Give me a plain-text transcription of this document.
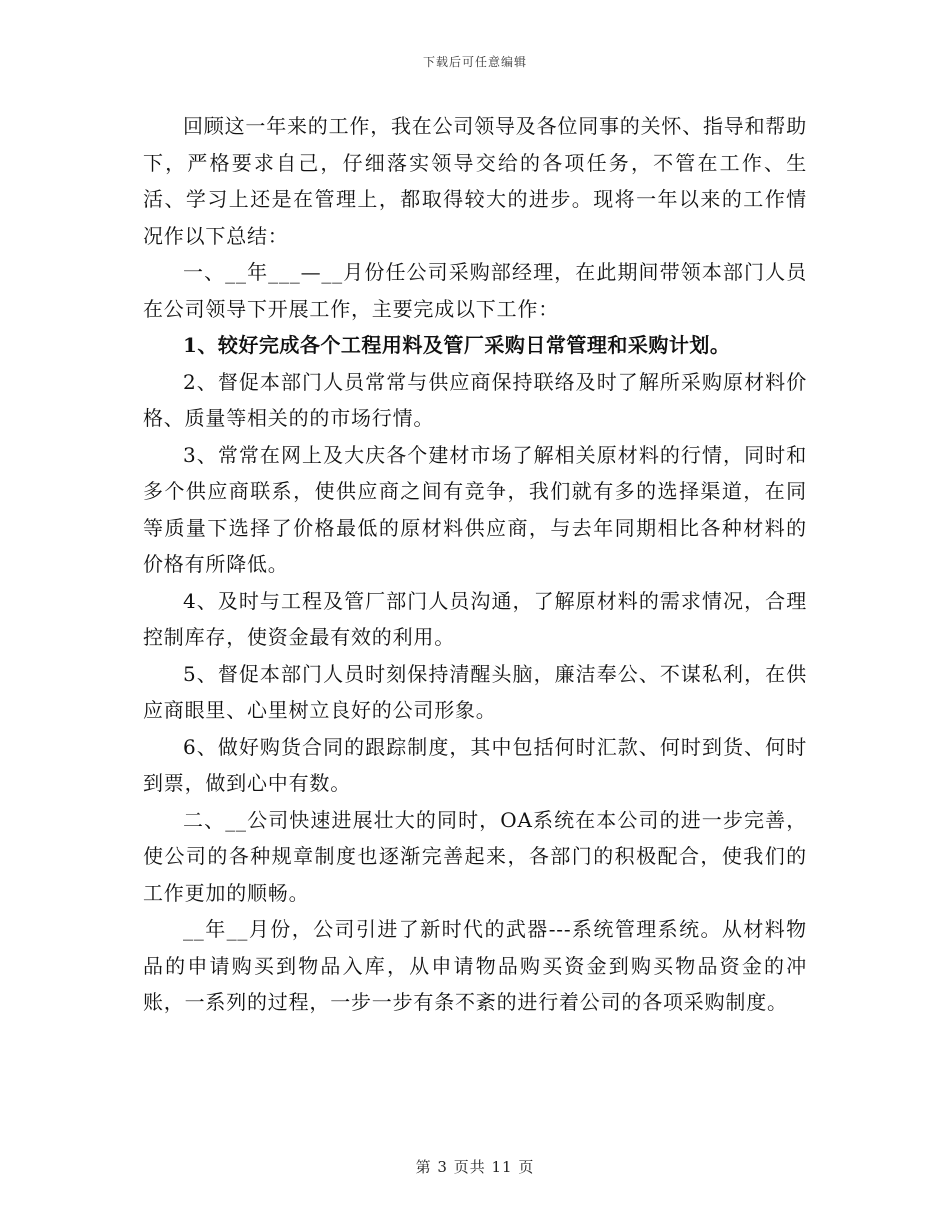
下载后可任意编辑

回顾这一年来的工作，我在公司领导及各位同事的关怀、指导和帮助下，严格要求自己，仔细落实领导交给的各项任务，不管在工作、生活、学习上还是在管理上，都取得较大的进步。现将一年以来的工作情况作以下总结：

一、__年___—__月份任公司采购部经理，在此期间带领本部门人员在公司领导下开展工作，主要完成以下工作：

1、较好完成各个工程用料及管厂采购日常管理和采购计划。

2、督促本部门人员常常与供应商保持联络及时了解所采购原材料价格、质量等相关的的市场行情。

3、常常在网上及大庆各个建材市场了解相关原材料的行情，同时和多个供应商联系，使供应商之间有竞争，我们就有多的选择渠道，在同等质量下选择了价格最低的原材料供应商，与去年同期相比各种材料的价格有所降低。

4、及时与工程及管厂部门人员沟通，了解原材料的需求情况，合理控制库存，使资金最有效的利用。

5、督促本部门人员时刻保持清醒头脑，廉洁奉公、不谋私利，在供应商眼里、心里树立良好的公司形象。

6、做好购货合同的跟踪制度，其中包括何时汇款、何时到货、何时到票，做到心中有数。

二、__公司快速进展壮大的同时，OA系统在本公司的进一步完善，使公司的各种规章制度也逐渐完善起来，各部门的积极配合，使我们的工作更加的顺畅。

__年__月份，公司引进了新时代的武器---系统管理系统。从材料物品的申请购买到物品入库，从申请物品购买资金到购买物品资金的冲账，一系列的过程，一步一步有条不紊的进行着公司的各项采购制度。

第 3 页共 11 页
